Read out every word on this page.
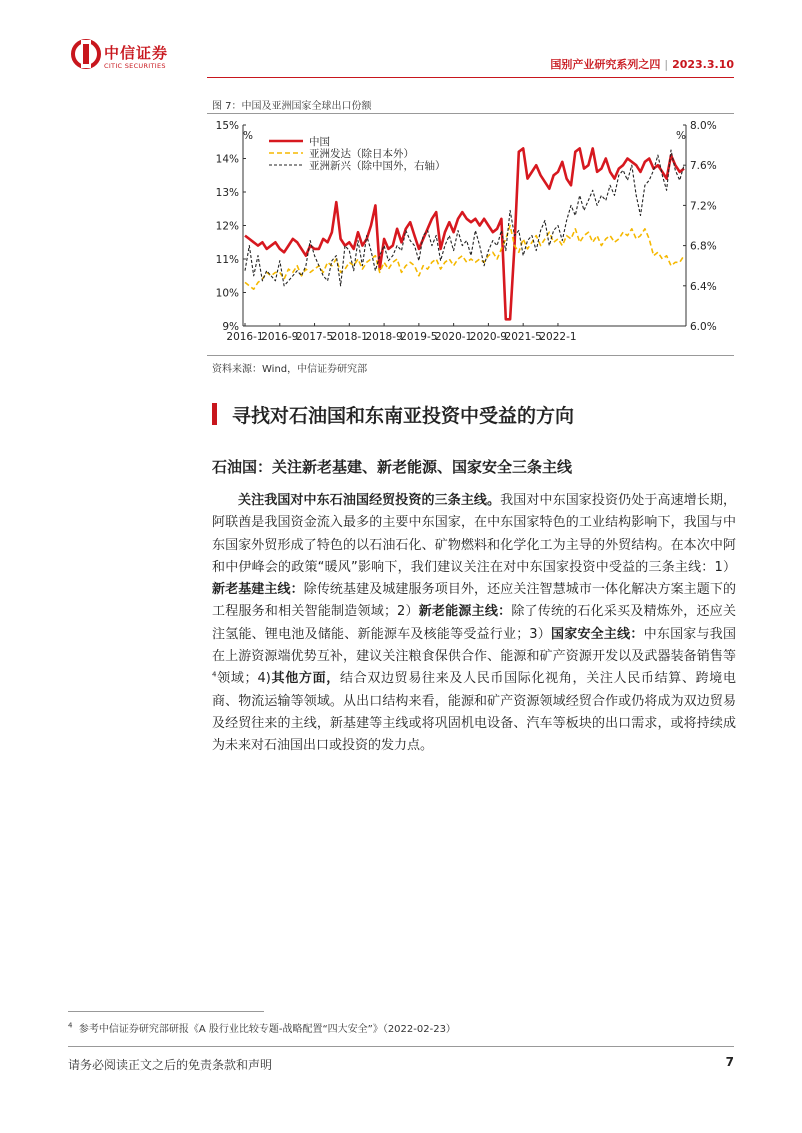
中信证券
CITIC SECURITIES	国别产业研究系列之四 | 2023.3.10
图 7：中国及亚洲国家全球出口份额
9%
10%
11%
12%
13%
14%
15%
6.0%
6.4%
6.8%
7.2%
7.6%
8.0%
2016-1
2016-9
2017-5
2018-1
2018-9
2019-5
2020-1
2020-9
2021-5
2022-1
%	%
中国
亚洲发达（除日本外）
亚洲新兴（除中国外，右轴）
资料来源：Wind，中信证券研究部
寻找对石油国和东南亚投资中受益的方向
石油国：关注新老基建、新老能源、国家安全三条主线
关注我国对中东石油国经贸投资的三条主线。我国对中东国家投资仍处于高速增长期，阿联酋是我国资金流入最多的主要中东国家，在中东国家特色的工业结构影响下，我国与中东国家外贸形成了特色的以石油石化、矿物燃料和化学化工为主导的外贸结构。在本次中阿和中伊峰会的政策“暖风”影响下，我们建议关注在对中东国家投资中受益的三条主线：1）新老基建主线：除传统基建及城建服务项目外，还应关注智慧城市一体化解决方案主题下的工程服务和相关智能制造领域；2）新老能源主线：除了传统的石化采买及精炼外，还应关注氢能、锂电池及储能、新能源车及核能等受益行业；3）国家安全主线：中东国家与我国在上游资源端优势互补，建议关注粮食保供合作、能源和矿产资源开发以及武器装备销售等$^4$领域；4)其他方面，结合双边贸易往来及人民币国际化视角，关注人民币结算、跨境电商、物流运输等领域。从出口结构来看，能源和矿产资源领域经贸合作或仍将成为双边贸易及经贸往来的主线，新基建等主线或将巩固机电设备、汽车等板块的出口需求，或将持续成为未来对石油国出口或投资的发力点。
$^4$ 参考中信证券研究部研报《A 股行业比较专题-战略配置“四大安全”》（2022-02-23）
请务必阅读正文之后的免责条款和声明	7
